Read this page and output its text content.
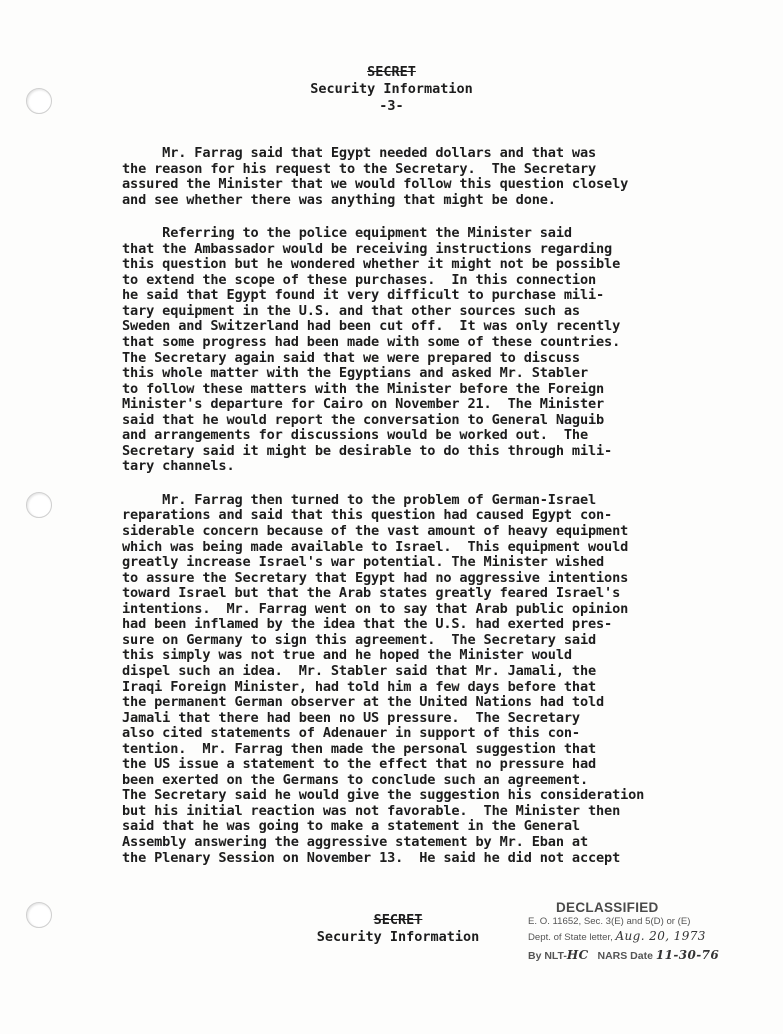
SECRET
Security Information
-3-

Mr. Farrag said that Egypt needed dollars and that was
the reason for his request to the Secretary.  The Secretary
assured the Minister that we would follow this question closely
and see whether there was anything that might be done.

Referring to the police equipment the Minister said
that the Ambassador would be receiving instructions regarding
this question but he wondered whether it might not be possible
to extend the scope of these purchases.  In this connection
he said that Egypt found it very difficult to purchase mili-
tary equipment in the U.S. and that other sources such as
Sweden and Switzerland had been cut off.  It was only recently
that some progress had been made with some of these countries.
The Secretary again said that we were prepared to discuss
this whole matter with the Egyptians and asked Mr. Stabler
to follow these matters with the Minister before the Foreign
Minister's departure for Cairo on November 21.  The Minister
said that he would report the conversation to General Naguib
and arrangements for discussions would be worked out.  The
Secretary said it might be desirable to do this through mili-
tary channels.

Mr. Farrag then turned to the problem of German-Israel
reparations and said that this question had caused Egypt con-
siderable concern because of the vast amount of heavy equipment
which was being made available to Israel.  This equipment would
greatly increase Israel's war potential. The Minister wished
to assure the Secretary that Egypt had no aggressive intentions
toward Israel but that the Arab states greatly feared Israel's
intentions.  Mr. Farrag went on to say that Arab public opinion
had been inflamed by the idea that the U.S. had exerted pres-
sure on Germany to sign this agreement.  The Secretary said
this simply was not true and he hoped the Minister would
dispel such an idea.  Mr. Stabler said that Mr. Jamali, the
Iraqi Foreign Minister, had told him a few days before that
the permanent German observer at the United Nations had told
Jamali that there had been no US pressure.  The Secretary
also cited statements of Adenauer in support of this con-
tention.  Mr. Farrag then made the personal suggestion that
the US issue a statement to the effect that no pressure had
been exerted on the Germans to conclude such an agreement.
The Secretary said he would give the suggestion his consideration
but his initial reaction was not favorable.  The Minister then
said that he was going to make a statement in the General
Assembly answering the aggressive statement by Mr. Eban at
the Plenary Session on November 13.  He said he did not accept

SECRET
Security Information
DECLASSIFIED
E. O. 11652, Sec. 3(E) and 5(D) or (E)
Dept. of State letter, Aug. 20, 1973
By NLT-HC NARS Date 11-30-76
